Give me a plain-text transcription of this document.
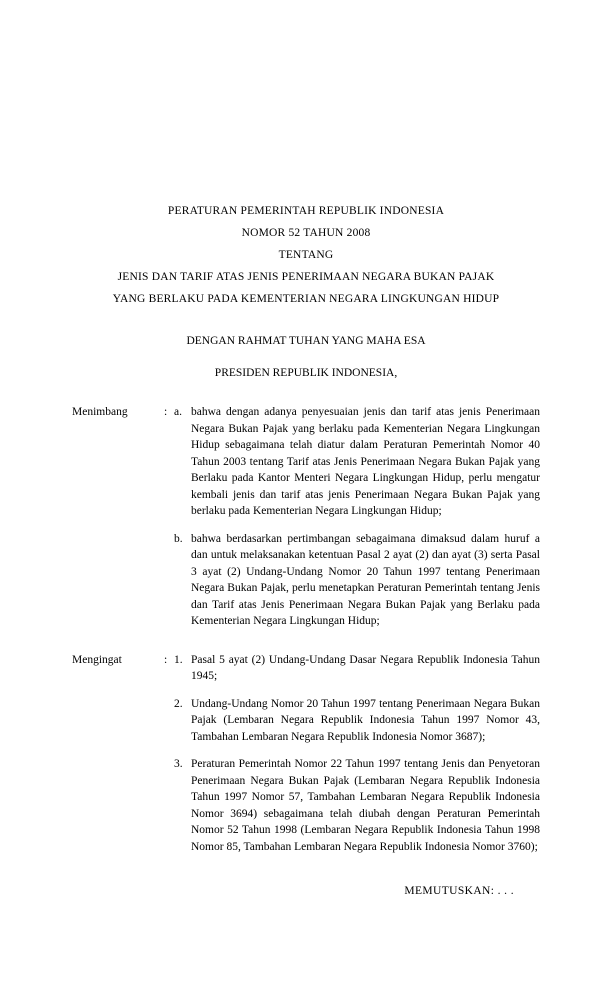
PERATURAN PEMERINTAH REPUBLIK INDONESIA
NOMOR 52 TAHUN 2008
TENTANG
JENIS DAN TARIF ATAS JENIS PENERIMAAN NEGARA BUKAN PAJAK
YANG BERLAKU PADA KEMENTERIAN NEGARA LINGKUNGAN HIDUP
DENGAN RAHMAT TUHAN YANG MAHA ESA
PRESIDEN REPUBLIK INDONESIA,
Menimbang	: a. bahwa dengan adanya penyesuaian jenis dan tarif atas jenis Penerimaan Negara Bukan Pajak yang berlaku pada Kementerian Negara Lingkungan Hidup sebagaimana telah diatur dalam Peraturan Pemerintah Nomor 40 Tahun 2003 tentang Tarif atas Jenis Penerimaan Negara Bukan Pajak yang Berlaku pada Kantor Menteri Negara Lingkungan Hidup, perlu mengatur kembali jenis dan tarif atas jenis Penerimaan Negara Bukan Pajak yang berlaku pada Kementerian Negara Lingkungan Hidup;
b. bahwa berdasarkan pertimbangan sebagaimana dimaksud dalam huruf a dan untuk melaksanakan ketentuan Pasal 2 ayat (2) dan ayat (3) serta Pasal 3 ayat (2) Undang-Undang Nomor 20 Tahun 1997 tentang Penerimaan Negara Bukan Pajak, perlu menetapkan Peraturan Pemerintah tentang Jenis dan Tarif atas Jenis Penerimaan Negara Bukan Pajak yang Berlaku pada Kementerian Negara Lingkungan Hidup;
Mengingat	: 1. Pasal 5 ayat (2) Undang-Undang Dasar Negara Republik Indonesia Tahun 1945;
2. Undang-Undang Nomor 20 Tahun 1997 tentang Penerimaan Negara Bukan Pajak (Lembaran Negara Republik Indonesia Tahun 1997 Nomor 43, Tambahan Lembaran Negara Republik Indonesia Nomor 3687);
3. Peraturan Pemerintah Nomor 22 Tahun 1997 tentang Jenis dan Penyetoran Penerimaan Negara Bukan Pajak (Lembaran Negara Republik Indonesia Tahun 1997 Nomor 57, Tambahan Lembaran Negara Republik Indonesia Nomor 3694) sebagaimana telah diubah dengan Peraturan Pemerintah Nomor 52 Tahun 1998 (Lembaran Negara Republik Indonesia Tahun 1998 Nomor 85, Tambahan Lembaran Negara Republik Indonesia Nomor 3760);
MEMUTUSKAN: . . .
